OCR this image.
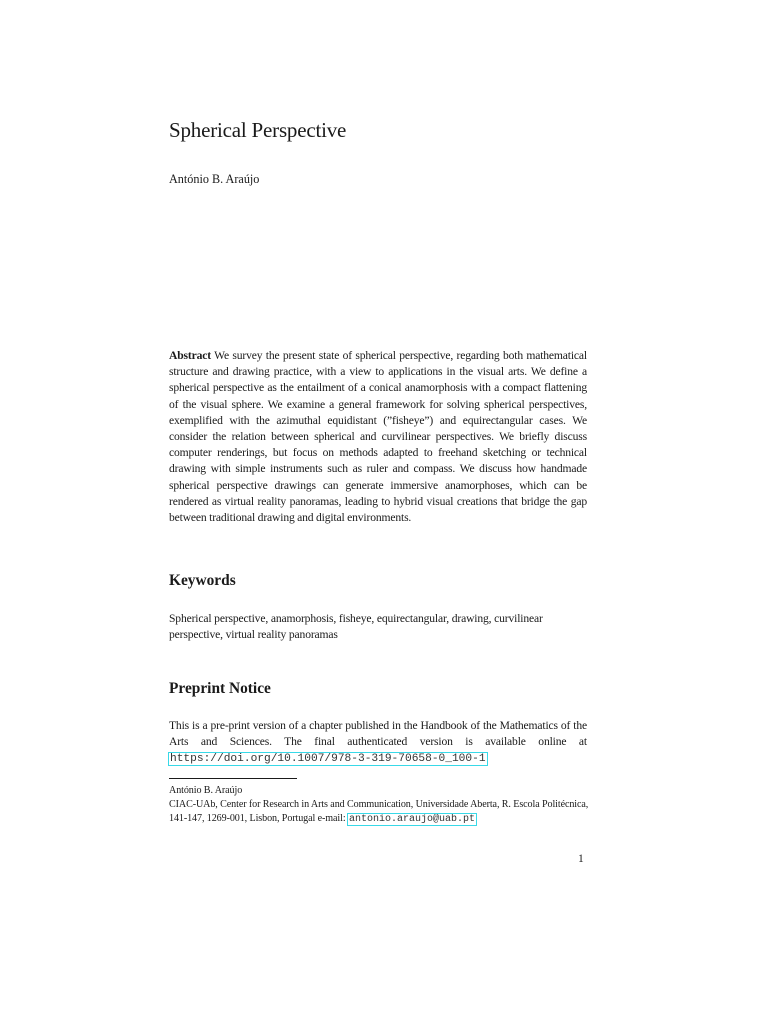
Spherical Perspective

António B. Araújo

Abstract We survey the present state of spherical perspective, regarding both mathematical structure and drawing practice, with a view to applications in the visual arts. We define a spherical perspective as the entailment of a conical anamorphosis with a compact flattening of the visual sphere. We examine a general framework for solving spherical perspectives, exemplified with the azimuthal equidistant (”fisheye”) and equirectangular cases. We consider the relation between spherical and curvilinear perspectives. We briefly discuss computer renderings, but focus on methods adapted to freehand sketching or technical drawing with simple instruments such as ruler and compass. We discuss how handmade spherical perspective drawings can generate immersive anamorphoses, which can be rendered as virtual reality panoramas, leading to hybrid visual creations that bridge the gap between traditional drawing and digital environments.

Keywords

Spherical perspective, anamorphosis, fisheye, equirectangular, drawing, curvilinear perspective, virtual reality panoramas

Preprint Notice

This is a pre-print version of a chapter published in the Handbook of the Mathematics of the Arts and Sciences. The final authenticated version is available online at https://doi.org/10.1007/978-3-319-70658-0_100-1

António B. Araújo
CIAC-UAb, Center for Research in Arts and Communication, Universidade Aberta, R. Escola Politécnica, 141-147, 1269-001, Lisbon, Portugal e-mail: antonio.araujo@uab.pt

1
